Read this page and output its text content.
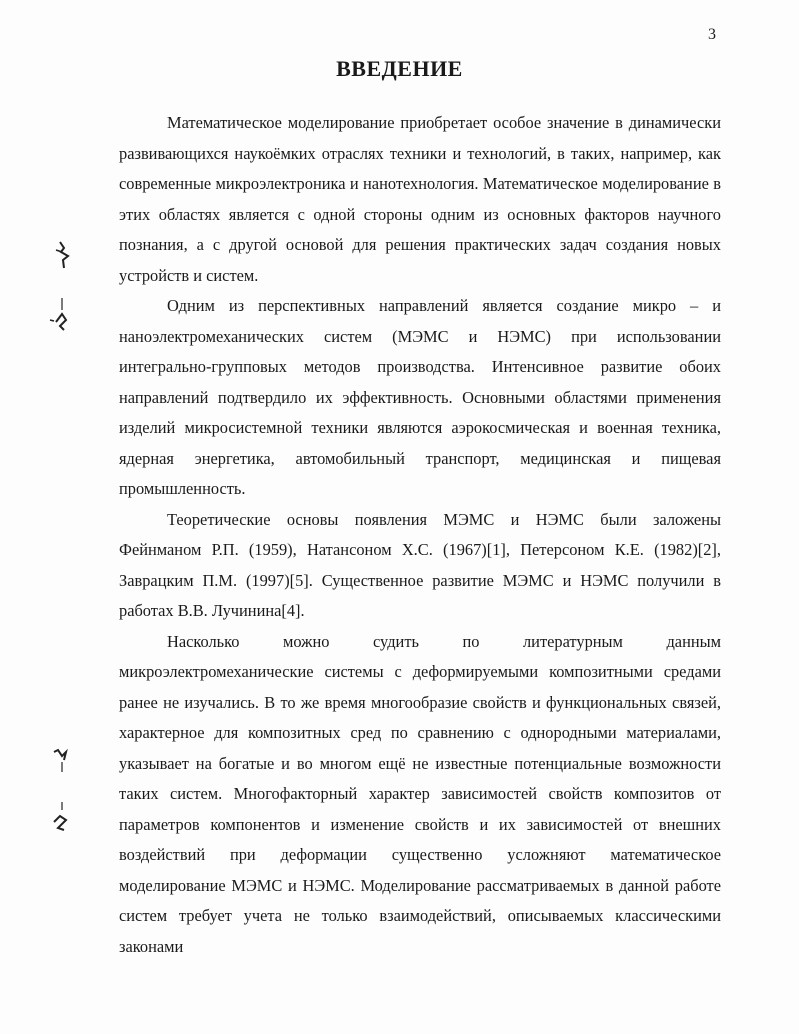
3
ВВЕДЕНИЕ

Математическое моделирование приобретает особое значение в динамически развивающихся наукоёмких отраслях техники и технологий, в таких, например, как современные микроэлектроника и нанотехнология. Математическое моделирование в этих областях является с одной стороны одним из основных факторов научного познания, а с другой основой для решения практических задач создания новых устройств и систем.

Одним из перспективных направлений является создание микро – и наноэлектромеханических систем (МЭМС и НЭМС) при использовании интегрально-групповых методов производства. Интенсивное развитие обоих направлений подтвердило их эффективность. Основными областями применения изделий микросистемной техники являются аэрокосмическая и военная техника, ядерная энергетика, автомобильный транспорт, медицинская и пищевая промышленность.

Теоретические основы появления МЭМС и НЭМС были заложены Фейнманом Р.П. (1959), Натансоном Х.С. (1967)[1], Петерсоном К.Е. (1982)[2], Заврацким П.М. (1997)[5]. Существенное развитие МЭМС и НЭМС получили в работах В.В. Лучинина[4].

Насколько можно судить по литературным данным микроэлектромеханические системы с деформируемыми композитными средами ранее не изучались. В то же время многообразие свойств и функциональных связей, характерное для композитных сред по сравнению с однородными материалами, указывает на богатые и во многом ещё не известные потенциальные возможности таких систем. Многофакторный характер зависимостей свойств композитов от параметров компонентов и изменение свойств и их зависимостей от внешних воздействий при деформации существенно усложняют математическое моделирование МЭМС и НЭМС. Моделирование рассматриваемых в данной работе систем требует учета не только взаимодействий, описываемых классическими законами
